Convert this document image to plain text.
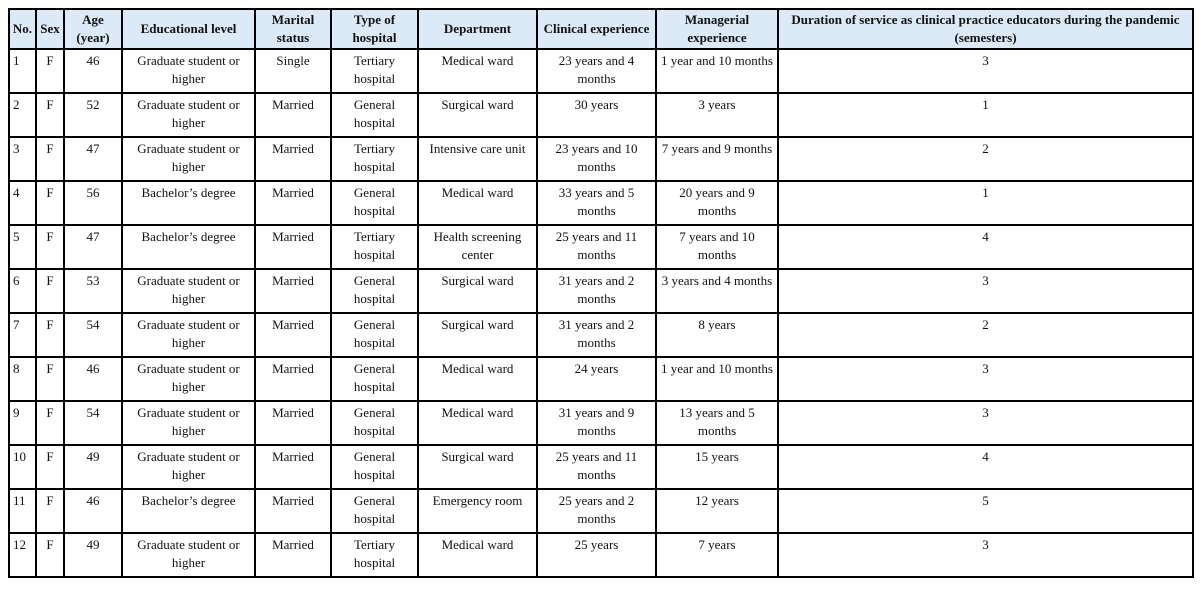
No.	Sex	Age (year)	Educational level	Marital status	Type of hospital	Department	Clinical experience	Managerial experience	Duration of service as clinical practice educators during the pandemic (semesters)
1	F	46	Graduate student or higher	Single	Tertiary hospital	Medical ward	23 years and 4 months	1 year and 10 months	3
2	F	52	Graduate student or higher	Married	General hospital	Surgical ward	30 years	3 years	1
3	F	47	Graduate student or higher	Married	Tertiary hospital	Intensive care unit	23 years and 10 months	7 years and 9 months	2
4	F	56	Bachelor’s degree	Married	General hospital	Medical ward	33 years and 5 months	20 years and 9 months	1
5	F	47	Bachelor’s degree	Married	Tertiary hospital	Health screening center	25 years and 11 months	7 years and 10 months	4
6	F	53	Graduate student or higher	Married	General hospital	Surgical ward	31 years and 2 months	3 years and 4 months	3
7	F	54	Graduate student or higher	Married	General hospital	Surgical ward	31 years and 2 months	8 years	2
8	F	46	Graduate student or higher	Married	General hospital	Medical ward	24 years	1 year and 10 months	3
9	F	54	Graduate student or higher	Married	General hospital	Medical ward	31 years and 9 months	13 years and 5 months	3
10	F	49	Graduate student or higher	Married	General hospital	Surgical ward	25 years and 11 months	15 years	4
11	F	46	Bachelor’s degree	Married	General hospital	Emergency room	25 years and 2 months	12 years	5
12	F	49	Graduate student or higher	Married	Tertiary hospital	Medical ward	25 years	7 years	3
